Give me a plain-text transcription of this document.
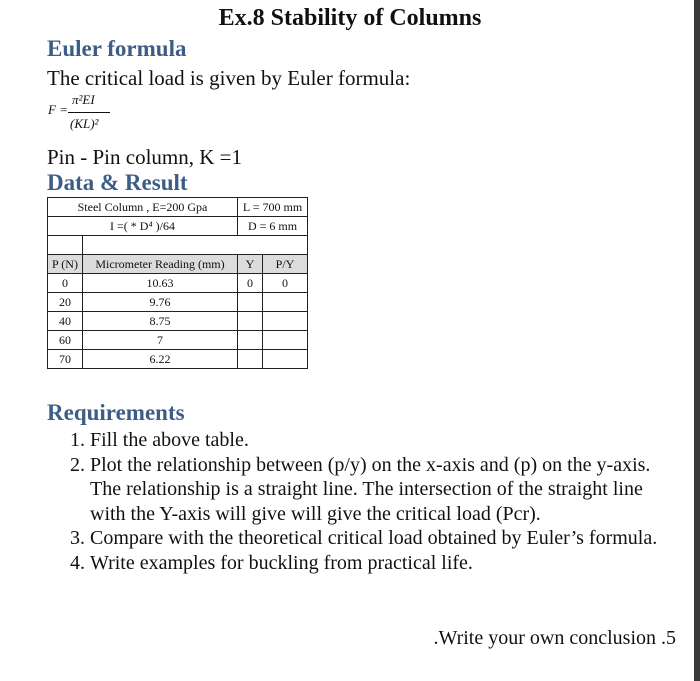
Ex.8 Stability of Columns
Euler formula
The critical load is given by Euler formula:
F =
π²EI
(KL)²
Pin - Pin column, K =1
Data & Result
Steel Column , E=200 Gpa		L = 700 mm	
I =( * D⁴ )/64		D = 6 mm	

P (N)	Micrometer Reading (mm)	Y	P/Y
0	10.63	0	0
20	9.76		
40	8.75		
60	7		
70	6.22		
Requirements
1. Fill the above table.
2. Plot the relationship between (p/y) on the x-axis and (p) on the y-axis. The relationship is a straight line. The intersection of the straight line with the Y-axis will give will give the critical load (Pcr).
3. Compare with the theoretical critical load obtained by Euler’s formula.
4. Write examples for buckling from practical life.
.Write your own conclusion .5
